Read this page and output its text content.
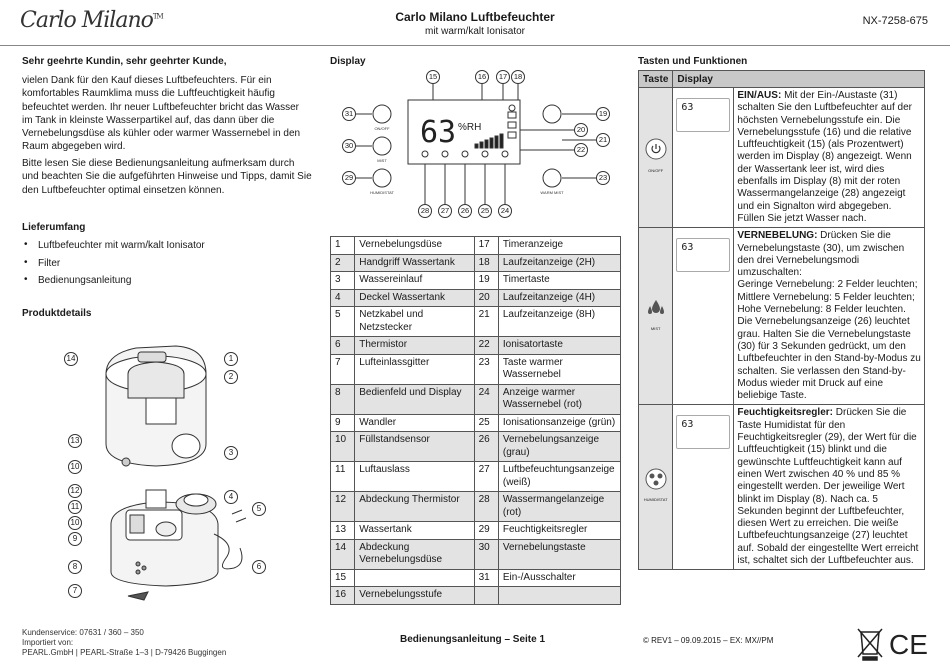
Carlo Milano™	Carlo Milano Luftbefeuchter
mit warm/kalt Ionisator
NX-7258-675
Sehr geehrte Kundin, sehr geehrter Kunde,
vielen Dank für den Kauf dieses Luftbefeuchters. Für ein komfortables Raumklima muss die Luftfeuchtigkeit häufig befeuchtet werden. Ihr neuer Luftbefeuchter bricht das Wasser im Tank in kleinste Wasserpartikel auf, das dann über die Vernebelungsdüse als kühler oder warmer Wassernebel in den Raum abgegeben wird.
Bitte lesen Sie diese Bedienungsanleitung aufmerksam durch und beachten Sie die aufgeführten Hinweise und Tipps, damit Sie den Luftbefeuchter optimal einsetzen können.
Lieferumfang
• Luftbefeuchter mit warm/kalt Ionisator
• Filter
• Bedienungsanleitung
Produktdetails
14	1
2
13
3
10
12
4
11	5
10
9
8	6
7
Display
63 %RH
ON/OFF
MIST
HUMIDISTAT	WARM MIST
15	16	17 18
31
30
29
19
20
21
22
23
28	27	26	25	24
1	Vernebelungsdüse	17	Timeranzeige
2	Handgriff Wassertank	18	Laufzeitanzeige (2H)
3	Wassereinlauf	19	Timertaste
4	Deckel Wassertank	20	Laufzeitanzeige (4H)
5	Netzkabel und Netzstecker	21	Laufzeitanzeige (8H)
6	Thermistor	22	Ionisatortaste
7	Lufteinlassgitter	23	Taste warmer Wassernebel
8	Bedienfeld und Display	24	Anzeige warmer Wassernebel (rot)
9	Wandler	25	Ionisationsanzeige (grün)
10	Füllstandsensor	26	Vernebelungsanzeige (grau)
11	Luftauslass	27	Luftbefeuchtungsanzeige (weiß)
12	Abdeckung Thermistor	28	Wassermangelanzeige (rot)
13	Wassertank	29	Feuchtigkeitsregler
14	Abdeckung Vernebelungsdüse	30	Vernebelungstaste
15		31	Ein-/Ausschalter
16	Vernebelungsstufe		
Tasten und Funktionen
Taste	Display	

ON/OFF	63	EIN/AUS: Mit der Ein-/Austaste (31) schalten Sie den Luftbefeuchter auf der höchsten Vernebelungsstufe ein. Die Vernebelungsstufe (16) und die relative Luftfeuchtigkeit (15) (als Prozentwert) werden im Display (8) angezeigt. Wenn der Wassertank leer ist, wird dies ebenfalls im Display (8) mit der roten Wassermangelanzeige (28) angezeigt und ein Signalton wird abgegeben. Füllen Sie jetzt Wasser nach.

MIST	63	VERNEBELUNG: Drücken Sie die Vernebelungstaste (30), um zwischen den drei Vernebelungsmodi umzuschalten:
Geringe Vernebelung: 2 Felder leuchten;
Mittlere Vernebelung: 5 Felder leuchten;
Hohe Vernebelung: 8 Felder leuchten.
Die Vernebelungsanzeige (26) leuchtet grau. Halten Sie die Vernebelungstaste (30) für 3 Sekunden gedrückt, um den Luftbefeuchter in den Stand-by-Modus zu schalten. Sie verlassen den Stand-by-Modus wieder mit Druck auf eine beliebige Taste.

HUMIDISTAT	63	Feuchtigkeitsregler: Drücken Sie die Taste Humidistat für den Feuchtigkeitsregler (29), der Wert für die Luftfeuchtigkeit (15) blinkt und die gewünschte Luftfeuchtigkeit kann auf einen Wert zwischen 40 % und 85 % eingestellt werden. Der jeweilige Wert blinkt im Display (8). Nach ca. 5 Sekunden beginnt der Luftbefeuchter, diesen Wert zu erreichen. Die weiße Luftbefeuchtungsanzeige (27) leuchtet auf. Sobald der eingestellte Wert erreicht ist, schaltet sich der Luftbefeuchter aus.
Kundenservice: 07631 / 360 – 350
Importiert von:
PEARL.GmbH | PEARL-Straße 1–3 | D-79426 Buggingen
Bedienungsanleitung – Seite 1	© REV1 – 09.09.2015 – EX: MX//PM	CE
